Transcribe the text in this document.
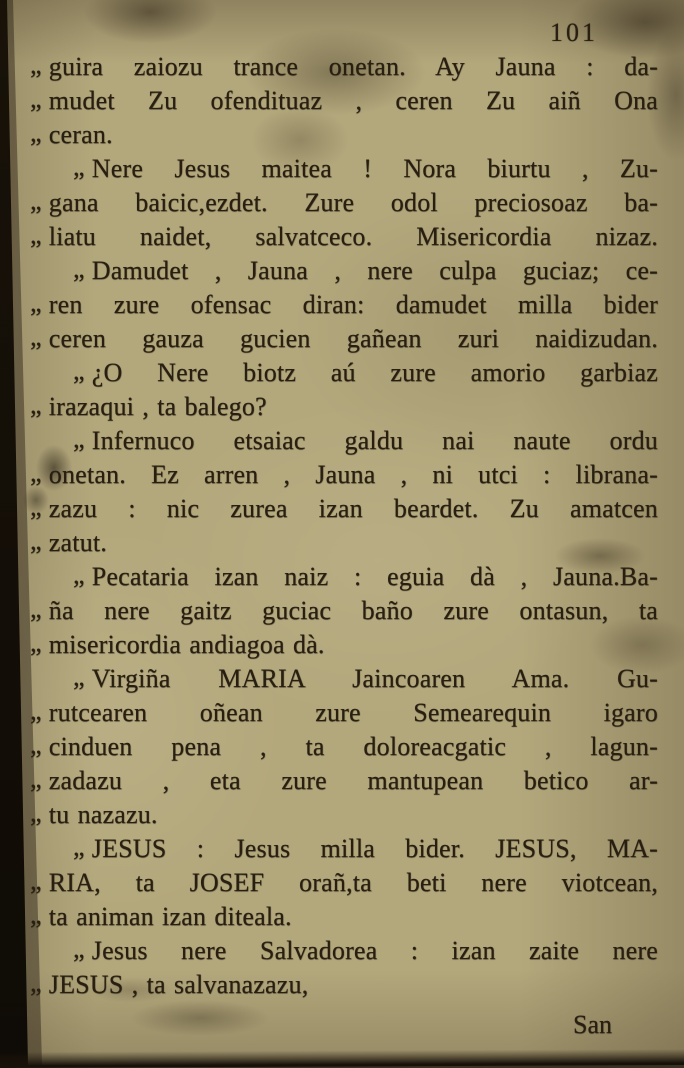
101
„ guira zaiozu trance onetan. Ay Jauna : da-
„ mudet Zu ofendituaz , ceren Zu aiñ Ona
„ ceran.
„ Nere Jesus maitea ! Nora biurtu , Zu-
„ gana baicic,ezdet. Zure odol preciosoaz ba-
„ liatu naidet, salvatceco. Misericordia nizaz.
„ Damudet , Jauna , nere culpa guciaz; ce-
„ ren zure ofensac diran: damudet milla bider
„ ceren gauza gucien gañean zuri naidizudan.
„ ¿O Nere biotz aú zure amorio garbiaz
„ irazaqui , ta balego?
„ Infernuco etsaiac galdu nai naute ordu
„ onetan. Ez arren , Jauna , ni utci : librana-
„ zazu : nic zurea izan beardet. Zu amatcen
„ zatut.
„ Pecataria izan naiz : eguia dà , Jauna.Ba-
„ ña nere gaitz guciac baño zure ontasun, ta
„ misericordia andiagoa dà.
„ Virgiña MARIA Jaincoaren Ama. Gu-
„ rutcearen oñean zure Semearequin igaro
„ cinduen pena , ta doloreacgatic , lagun-
„ zadazu , eta zure mantupean betico ar-
„ tu nazazu.
„ JESUS : Jesus milla bider. JESUS, MA-
„ RIA, ta JOSEF orañ,ta beti nere viotcean,
„ ta animan izan diteala.
„ Jesus nere Salvadorea : izan zaite nere
„ JESUS , ta salvanazazu,
San
